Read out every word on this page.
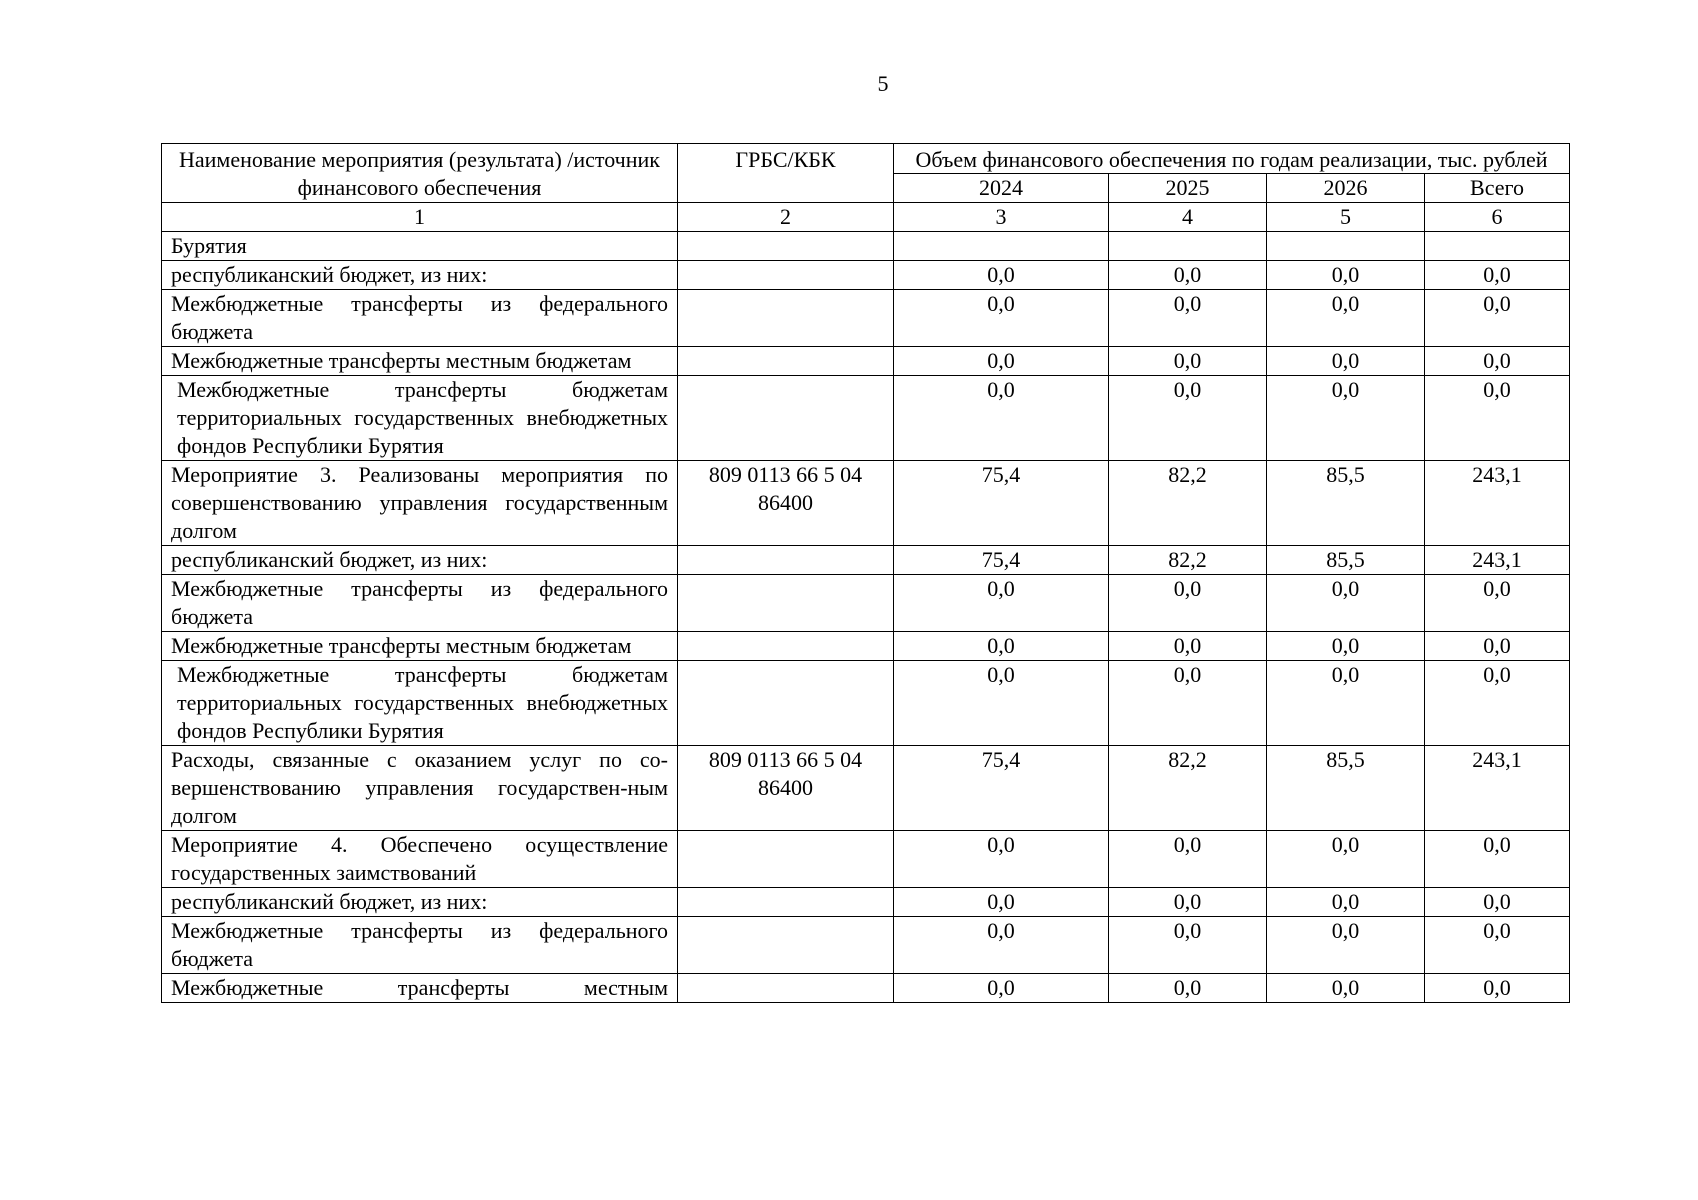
5
Наименование мероприятия (результата) /источник финансового обеспечения	ГРБС/КБК	Объем финансового обеспечения по годам реализации, тыс. рублей			
		2024	2025	2026	Всего
1	2	3	4	5	6
Бурятия					
республиканский бюджет, из них:		0,0	0,0	0,0	0,0
Межбюджетные трансферты из федерального бюджета		0,0	0,0	0,0	0,0
Межбюджетные трансферты местным бюджетам		0,0	0,0	0,0	0,0
Межбюджетные трансферты бюджетам территориальных государственных внебюджетных фондов Республики Бурятия		0,0	0,0	0,0	0,0
Мероприятие 3. Реализованы мероприятия по совершенствованию управления государственным долгом	809 0113 66 5 04 86400	75,4	82,2	85,5	243,1
республиканский бюджет, из них:		75,4	82,2	85,5	243,1
Межбюджетные трансферты из федерального бюджета		0,0	0,0	0,0	0,0
Межбюджетные трансферты местным бюджетам		0,0	0,0	0,0	0,0
Межбюджетные трансферты бюджетам территориальных государственных внебюджетных фондов Республики Бурятия		0,0	0,0	0,0	0,0
Расходы, связанные с оказанием услуг по со-вершенствованию управления государствен-ным долгом	809 0113 66 5 04 86400	75,4	82,2	85,5	243,1
Мероприятие 4. Обеспечено осуществление государственных заимствований		0,0	0,0	0,0	0,0
республиканский бюджет, из них:		0,0	0,0	0,0	0,0
Межбюджетные трансферты из федерального бюджета		0,0	0,0	0,0	0,0
Межбюджетные трансферты местным		0,0	0,0	0,0	0,0
